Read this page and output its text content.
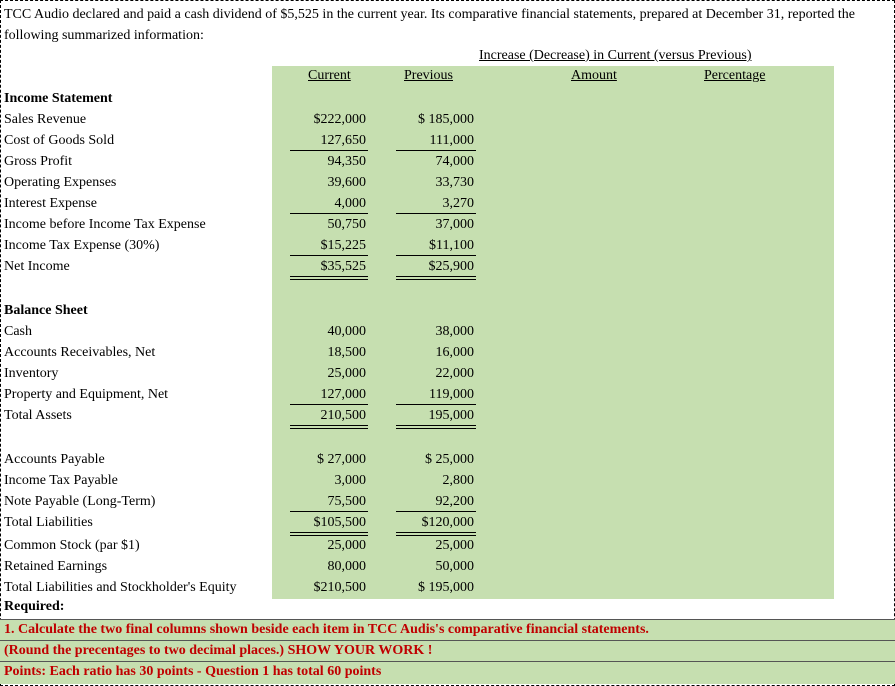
TCC Audio declared and paid a cash dividend of $5,525 in the current year. Its comparative financial statements, prepared at December 31, reported the following summarized information:
Increase (Decrease) in Current (versus Previous)
Current	Previous	Amount	Percentage
Income Statement
Sales Revenue	$222,000	$ 185,000
Cost of Goods Sold	127,650	111,000
Gross Profit	94,350	74,000
Operating Expenses	39,600	33,730
Interest Expense	4,000	3,270
Income before Income Tax Expense	50,750	37,000
Income Tax Expense (30%)	$15,225	$11,100
Net Income	$35,525	$25,900
Balance Sheet
Cash	40,000	38,000
Accounts Receivables, Net	18,500	16,000
Inventory	25,000	22,000
Property and Equipment, Net	127,000	119,000
Total Assets	210,500	195,000
Accounts Payable	$ 27,000	$ 25,000
Income Tax Payable	3,000	2,800
Note Payable (Long-Term)	75,500	92,200
Total Liabilities	$105,500	$120,000
Common Stock (par $1)	25,000	25,000
Retained Earnings	80,000	50,000
Total Liabilities and Stockholder's Equity	$210,500	$ 195,000
Required:
1. Calculate the two final columns shown beside each item in TCC Audis's comparative financial statements.
(Round the precentages to two decimal places.) SHOW YOUR WORK !
Points: Each ratio has 30 points - Question 1 has total 60 points
